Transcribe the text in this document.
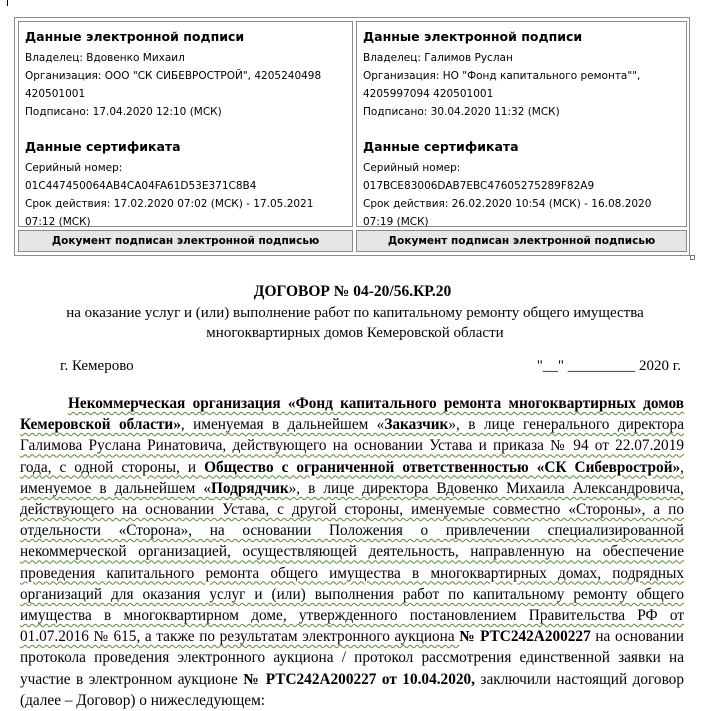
Данные электронной подписи
Владелец: Вдовенко Михаил
Организация: ООО "СК СИБЕВРОСТРОЙ", 4205240498
420501001
Подписано: 17.04.2020 12:10 (МСК)
Данные сертификата
Серийный номер:
01C447450064AB4CA04FA61D53E371C8B4
Срок действия: 17.02.2020 07:02 (МСК) - 17.05.2021
07:12 (МСК)
Данные электронной подписи
Владелец: Галимов Руслан
Организация: НО "Фонд капитального ремонта"",
4205997094 420501001
Подписано: 30.04.2020 11:32 (МСК)
Данные сертификата
Серийный номер:
017BCE83006DAB7EBC47605275289F82A9
Срок действия: 26.02.2020 10:54 (МСК) - 16.08.2020
07:19 (МСК)
Документ подписан электронной подписью	Документ подписан электронной подписью
ДОГОВОР № 04-20/56.КР.20
на оказание услуг и (или) выполнение работ по капитальному ремонту общего имущества
многоквартирных домов Кемеровской области
г. Кемерово	"__" _________ 2020 г.
Некоммерческая организация «Фонд капитального ремонта многоквартирных домов Кемеровской области», именуемая в дальнейшем «Заказчик», в лице генерального директора Галимова Руслана Ринатовича, действующего на основании Устава и приказа № 94 от 22.07.2019 года, с одной стороны, и Общество с ограниченной ответственностью «СК Сибеврострой», именуемое в дальнейшем «Подрядчик», в лице директора Вдовенко Михаила Александровича, действующего на основании Устава, с другой стороны, именуемые совместно «Стороны», а по отдельности «Сторона», на основании Положения о привлечении специализированной некоммерческой организацией, осуществляющей деятельность, направленную на обеспечение проведения капитального ремонта общего имущества в многоквартирных домах, подрядных организаций для оказания услуг и (или) выполнения работ по капитальному ремонту общего имущества в многоквартирном доме, утвержденного постановлением Правительства РФ от 01.07.2016 № 615, а также по результатам электронного аукциона № РТС242А200227 на основании протокола проведения электронного аукциона / протокол рассмотрения единственной заявки на участие в электронном аукционе № РТС242А200227 от 10.04.2020, заключили настоящий договор (далее – Договор) о нижеследующем:
